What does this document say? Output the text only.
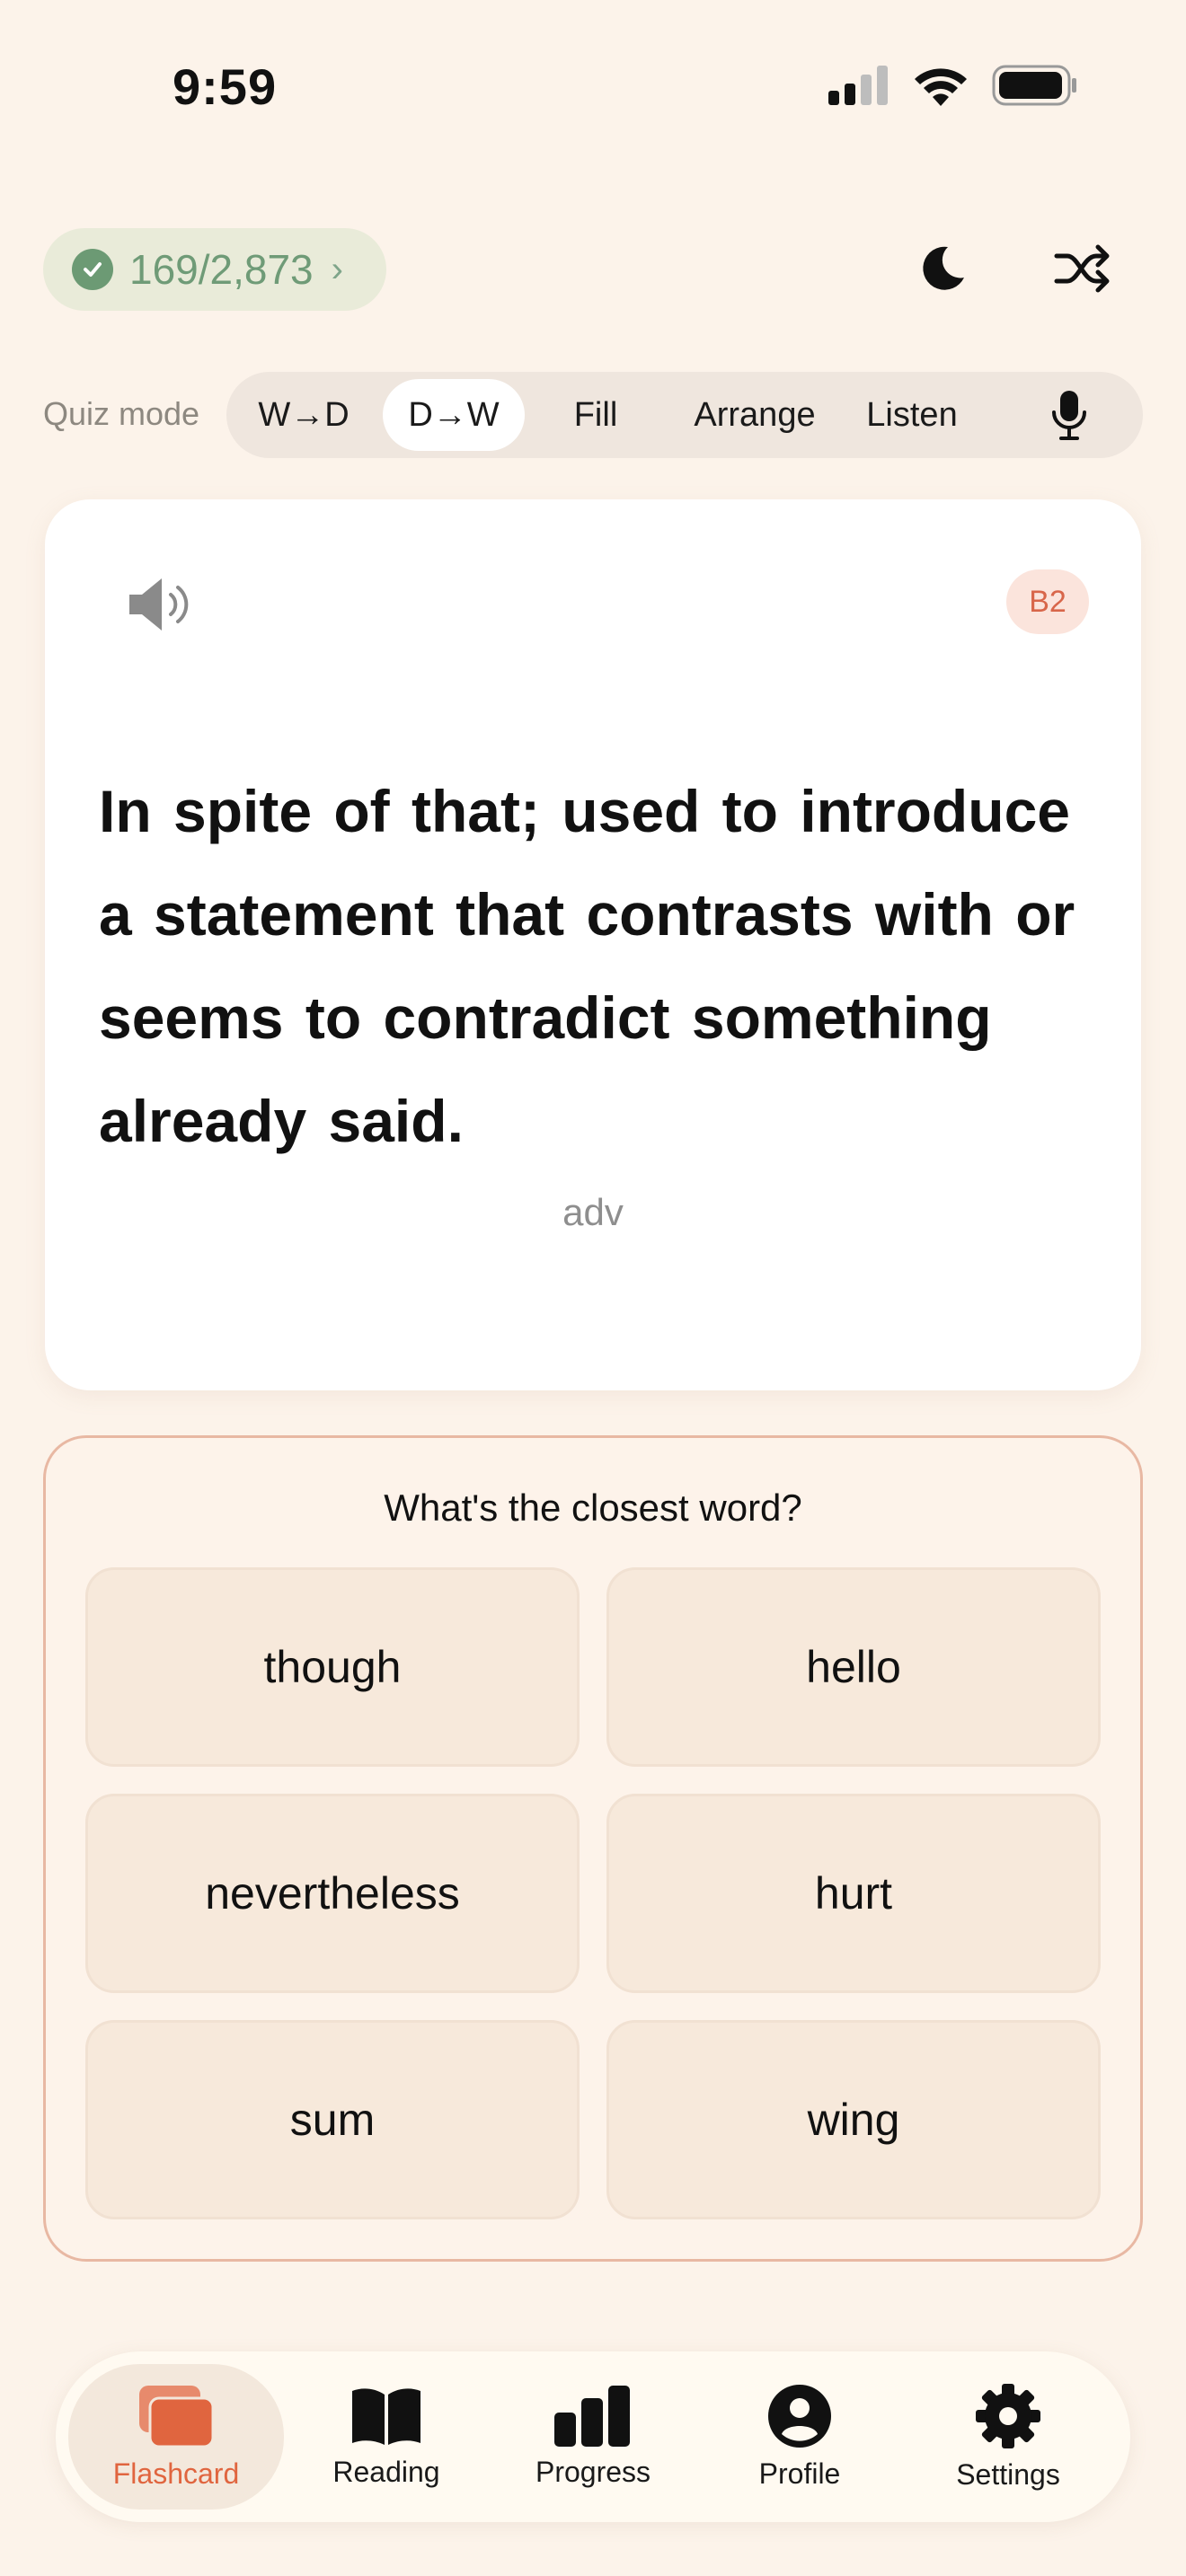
9:59
169/2,873 ›
Quiz mode	W→D	D→W	Fill	Arrange	Listen
B2
In spite of that; used to introduce a statement that contrasts with or seems to contradict something already said.
adv
What's the closest word?
though	hello
nevertheless	hurt
sum	wing
Flashcard	Reading	Progress	Profile	Settings
